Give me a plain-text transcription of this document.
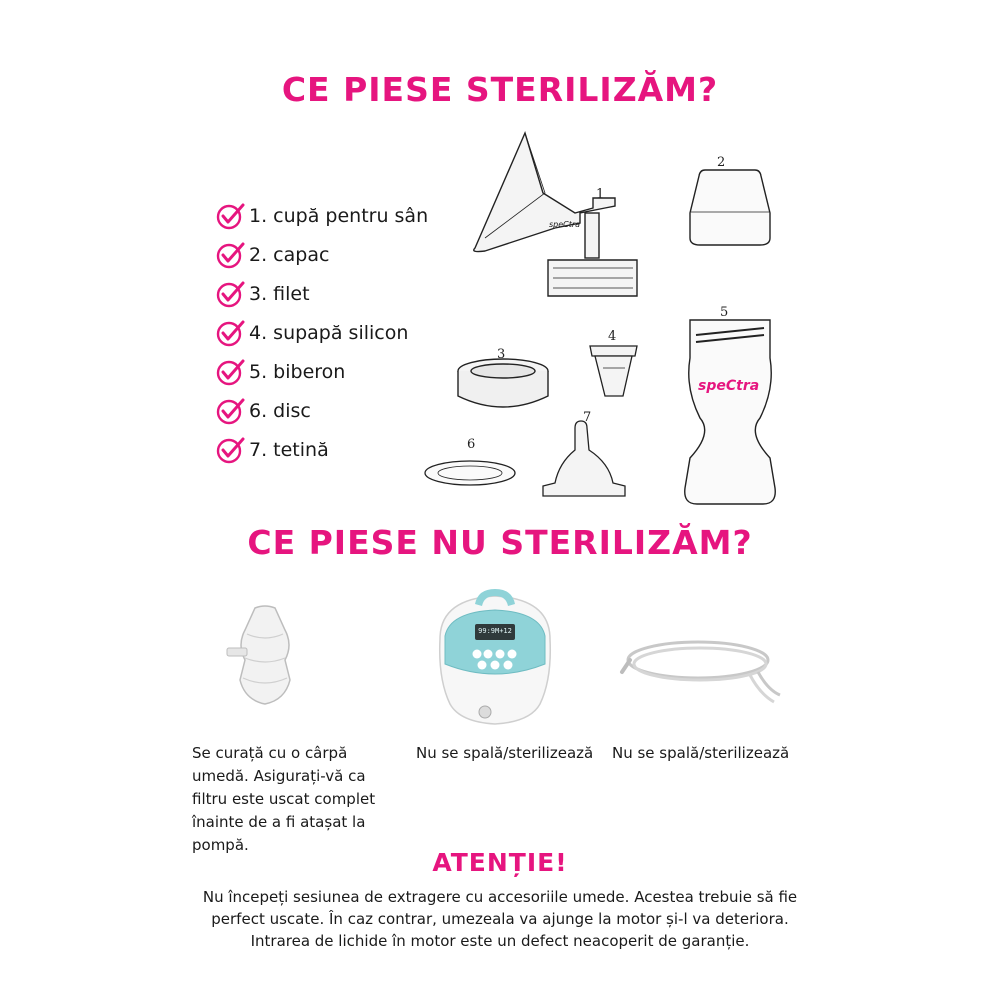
CE PIESE STERILIZĂM?
1. cupă pentru sân
2. capac
3. filet
4. supapă silicon
5. biberon
6. disc
7. tetină
speCtra
1
2
3
4
speCtra
5
6
7
CE PIESE NU STERILIZĂM?
99:9M+12
Se curață cu o cârpă umedă. Asigurați-vă ca filtru este uscat complet înainte de a fi atașat la pompă.
Nu se spală/sterilizează Nu se spală/sterilizează
ATENȚIE!
Nu începeți sesiunea de extragere cu accesoriile umede. Acestea trebuie să fie
perfect uscate. În caz contrar, umezeala va ajunge la motor și-l va deteriora.
Intrarea de lichide în motor este un defect neacoperit de garanție.
